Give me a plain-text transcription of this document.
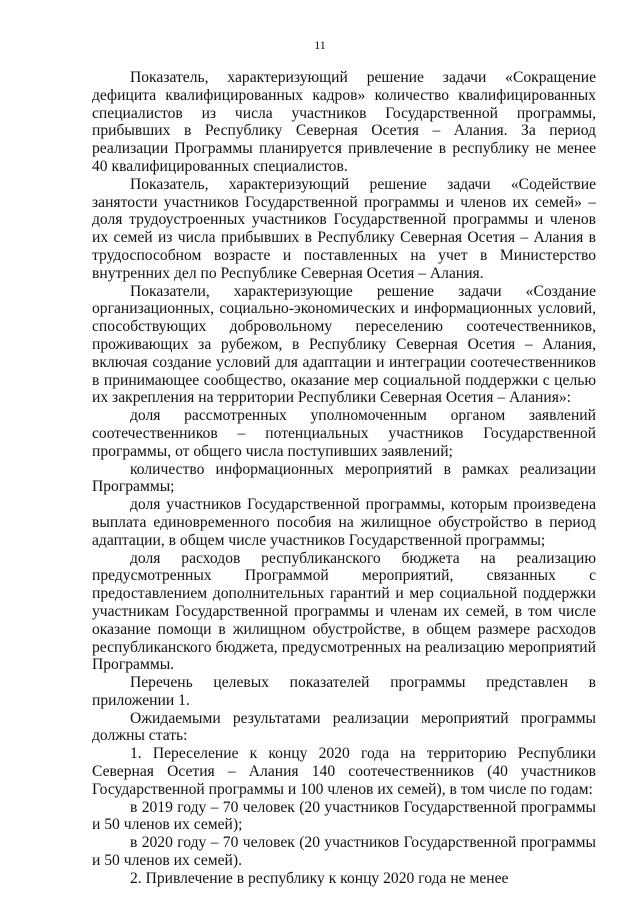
11

Показатель, характеризующий решение задачи «Сокращение дефицита квалифицированных кадров» количество квалифицированных специалистов из числа участников Государственной программы, прибывших в Республику Северная Осетия – Алания. За период реализации Программы планируется привлечение в республику не менее 40 квалифицированных специалистов.

Показатель, характеризующий решение задачи «Содействие занятости участников Государственной программы и членов их семей» – доля трудоустроенных участников Государственной программы и членов их семей из числа прибывших в Республику Северная Осетия – Алания в трудоспособном возрасте и поставленных на учет в Министерство внутренних дел по Республике Северная Осетия – Алания.

Показатели, характеризующие решение задачи «Создание организационных, социально-экономических и информационных условий, способствующих добровольному переселению соотечественников, проживающих за рубежом, в Республику Северная Осетия – Алания, включая создание условий для адаптации и интеграции соотечественников в принимающее сообщество, оказание мер социальной поддержки с целью их закрепления на территории Республики Северная Осетия – Алания»:

доля рассмотренных уполномоченным органом заявлений соотечественников – потенциальных участников Государственной программы, от общего числа поступивших заявлений;

количество информационных мероприятий в рамках реализации Программы;

доля участников Государственной программы, которым произведена выплата единовременного пособия на жилищное обустройство в период адаптации, в общем числе участников Государственной программы;

доля расходов республиканского бюджета на реализацию предусмотренных Программой мероприятий, связанных с предоставлением дополнительных гарантий и мер социальной поддержки участникам Государственной программы и членам их семей, в том числе оказание помощи в жилищном обустройстве, в общем размере расходов республиканского бюджета, предусмотренных на реализацию мероприятий Программы.

Перечень целевых показателей программы представлен в приложении 1.

Ожидаемыми результатами реализации мероприятий программы должны стать:

1. Переселение к концу 2020 года на территорию Республики Северная Осетия – Алания 140 соотечественников (40 участников Государственной программы и 100 членов их семей), в том числе по годам:

в 2019 году – 70 человек (20 участников Государственной программы и 50 членов их семей);

в 2020 году – 70 человек (20 участников Государственной программы и 50 членов их семей).

2. Привлечение в республику к концу 2020 года не менее
